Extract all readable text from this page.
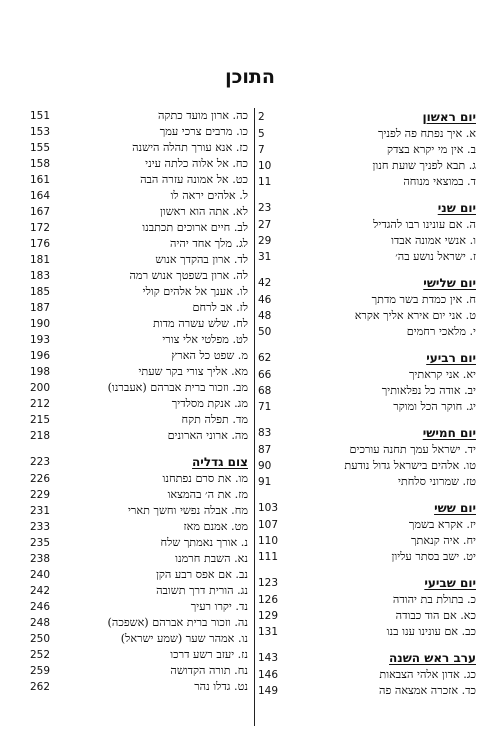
התוכן
יום ראשון
2
א. איך נפתח פה לפניך
5
ב. אין מי יקרא בצדק
7
ג. תבא לפניך שועת חנון
10
ד. במוצאי מנוחה
11
יום שני
23
ה. אם עונינו רבו להגדיל
27
ו. אנשי אמונה אבדו
29
ז. ישראל נושע בה׳
31
יום שלישי
42
ח. אין כמדת בשר מדתך
46
ט. אני יום אירא אליך אקרא
48
י. מלאכי רחמים
50
יום רביעי
62
יא. אני קראתיך
66
יב. אודה כל נפלאותיך
68
יג. חוקר הכל ומוקר
71
יום חמישי
83
יד. ישראל עמך תחנה עורכים
87
טו. אלהים בישראל גדול נודעת
90
טז. שמרוני סלחתי
91
יום ששי
103
יז. אקרא בשמך
107
יח. איה קנאתך
110
יט. ישב בסתר עליון
111
יום שביעי
123
כ. בתולת בת יהודה
126
כא. אם הוד כבודה
129
כב. אם עונינו ענו בנו
131
ערב ראש השנה
143
כג. אדון אלהי הצבאות
146
כד. אזכרה אמצאה פה
149
כה. ארון מועד כתקה
151
כו. מרבים צרכי עמך
153
כז. אנא עורך תהלה הישנה
155
כח. אל אלוה כלתה עיני
158
כט. אל אמונה עזרה הבה
161
ל. אלהים יראה לו
164
לא. אתה הוא ראשון
167
לב. חיים ארוכים תכתבנו
172
לג. מלך אחד יהיה
176
לד. ארון בהקדך אנוש
181
לה. ארון בשפטך אנוש רמה
183
לו. אענך אל אלהים קולי
185
לז. אב לרחם
187
לח. שלש עשרה מדות
190
לט. מפלטי אלי צורי
193
מ. שפט כל הארץ
196
מא. אליך צורי בקר שעתי
198
מב. וזכור ברית אברהם (אעברנו)
200
מג. אנקת מסלדיך
212
מד. תפלה תקח
215
מה. ארוני הארונים
218
צום גדליה
223
מו. את סרם נפתחנו
226
מז. את ה׳ בהמצאו
229
מח. אבלה נפשי וחשך תארי
231
מט. אמנם מאז
233
נ. אורך נאמתך שלח
235
נא. השבת חרמנו
238
נב. אם אפס רבע הקן
240
נג. הורית דרך תשובה
242
נד. יקרו רעיך
246
נה. וזכור ברית אברהם (אשפכה)
248
נו. אמהר שער (שמע ישראל)
250
נז. יעזב רשע דרכו
252
נח. תורה הקדושה
259
נט. גדלו נהר
262
